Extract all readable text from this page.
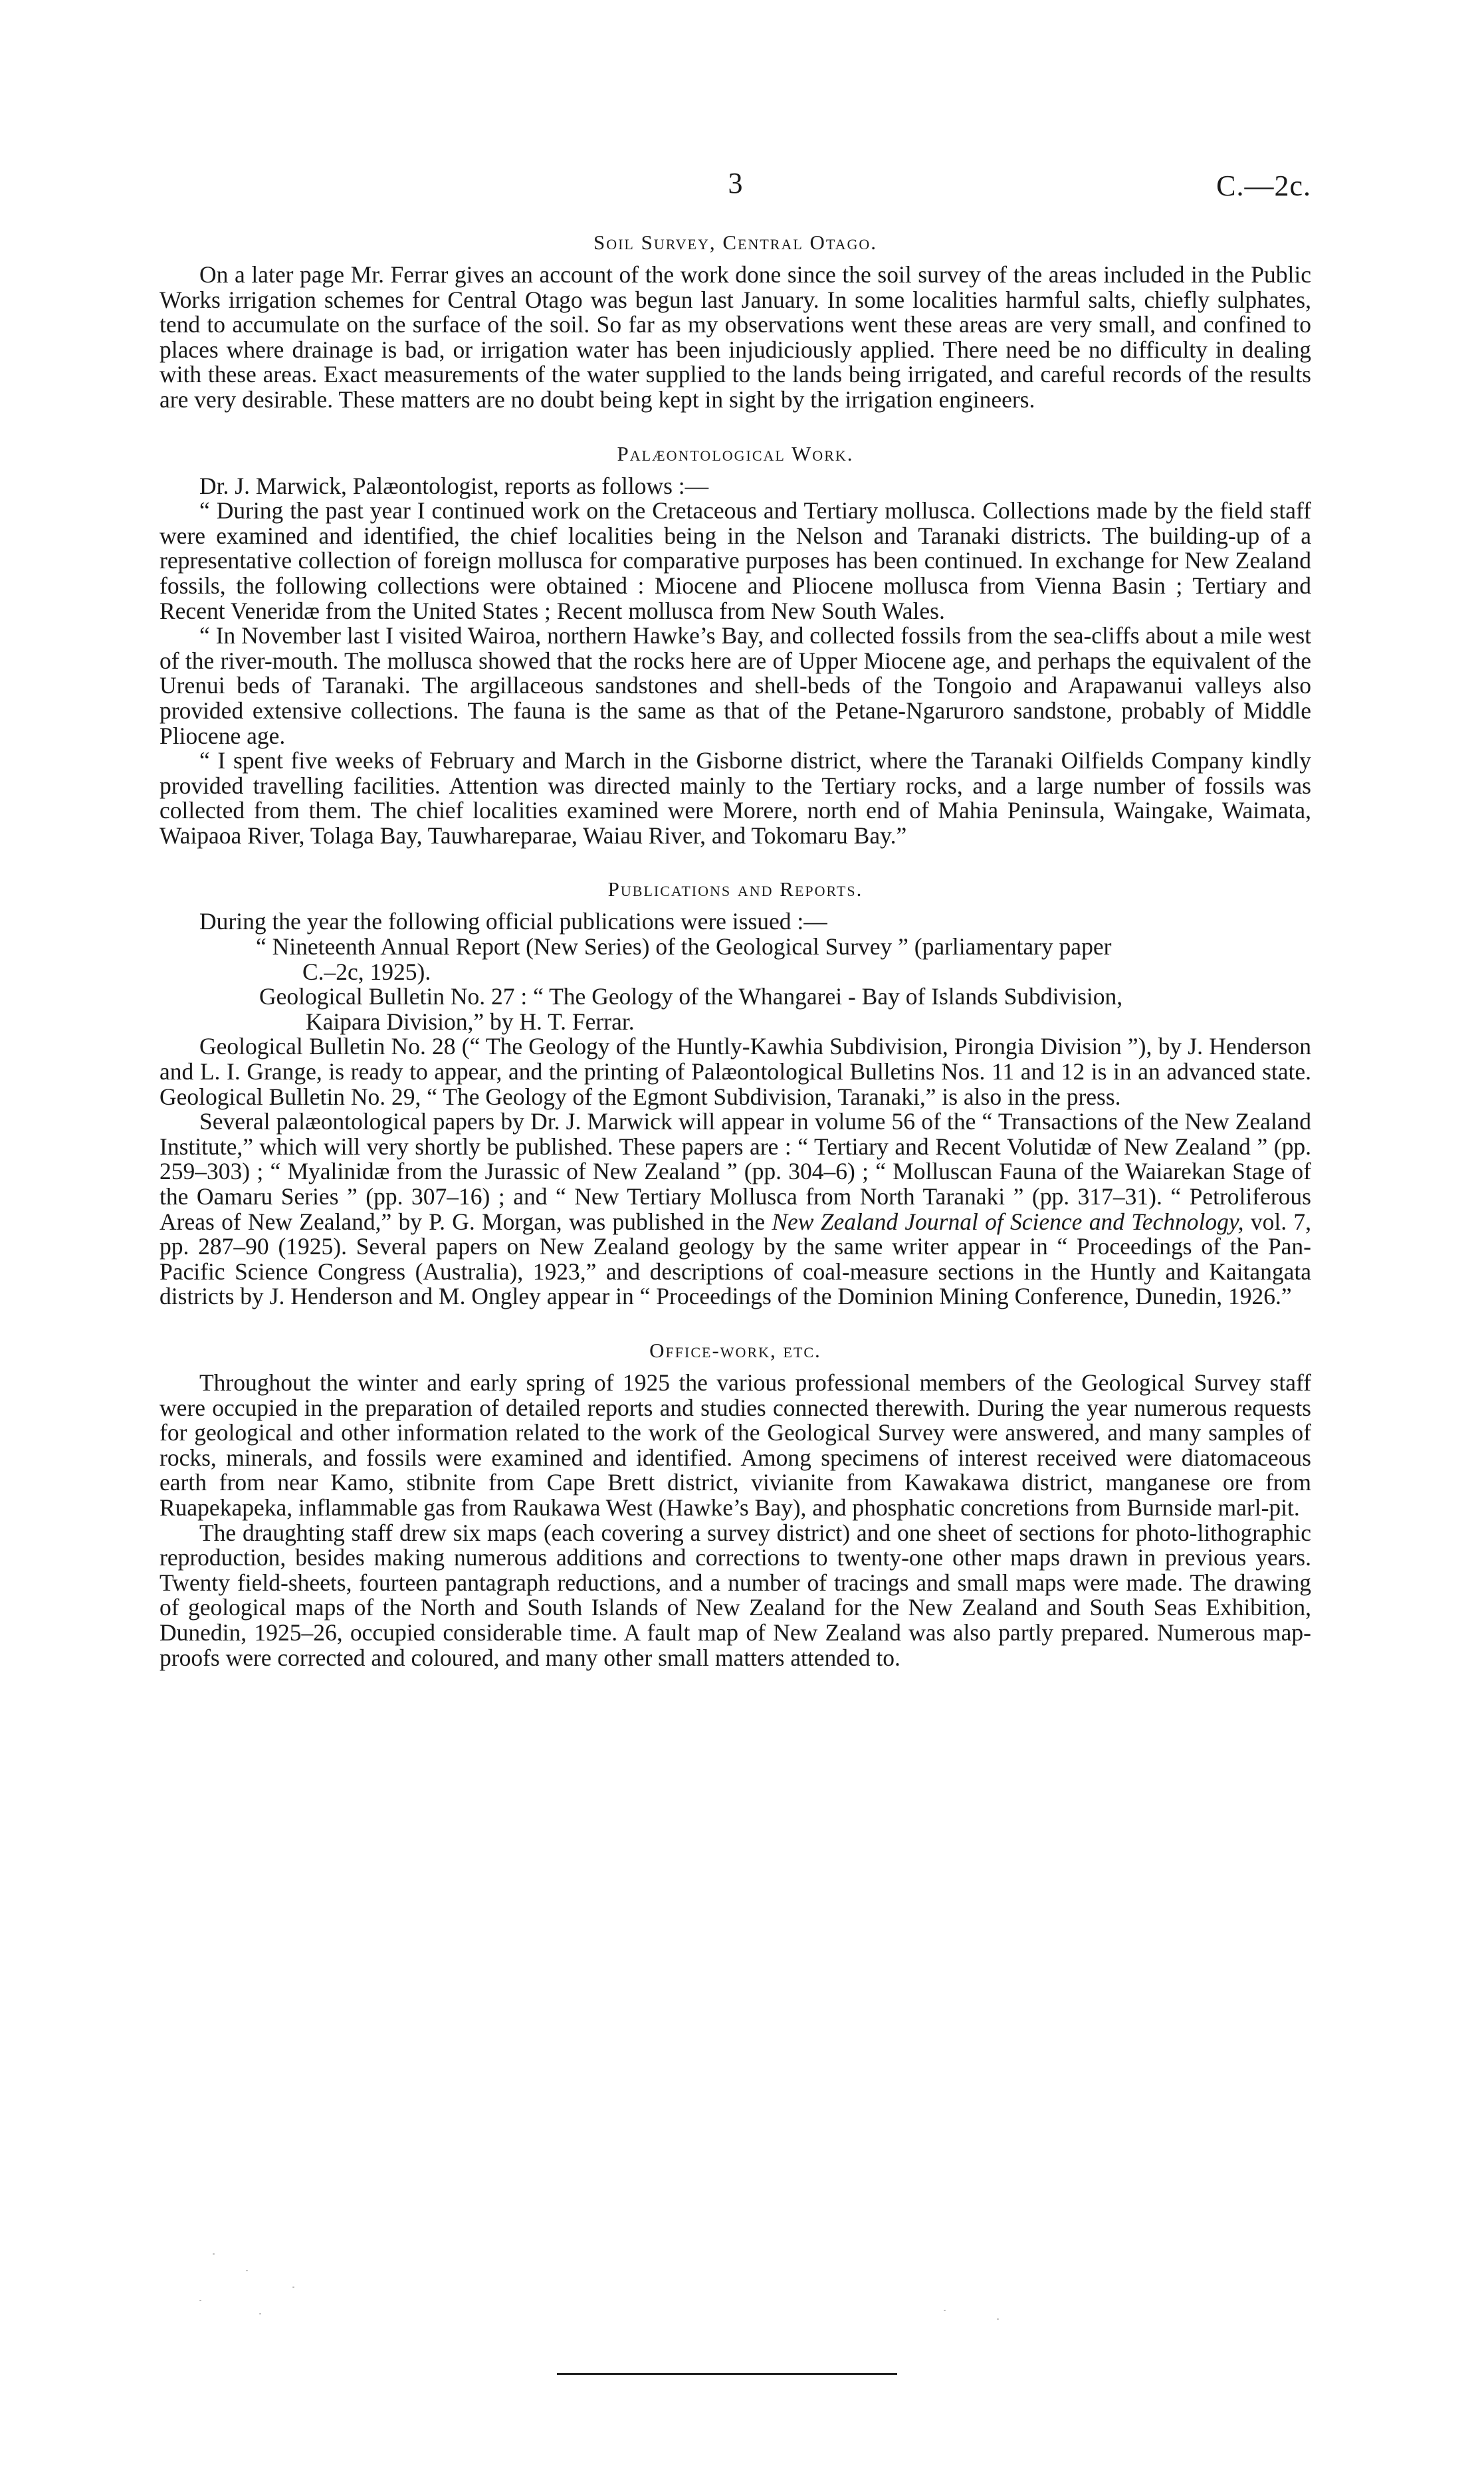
3	C.—2c.
Soil Survey, Central Otago.

On a later page Mr. Ferrar gives an account of the work done since the soil survey of the areas included in the Public Works irrigation schemes for Central Otago was begun last January. In some localities harmful salts, chiefly sulphates, tend to accumulate on the surface of the soil. So far as my observations went these areas are very small, and confined to places where drainage is bad, or irrigation water has been injudiciously applied. There need be no difficulty in dealing with these areas. Exact measurements of the water supplied to the lands being irrigated, and careful records of the results are very desirable. These matters are no doubt being kept in sight by the irrigation engineers.

Palæontological Work.

Dr. J. Marwick, Palæontologist, reports as follows :—

“ During the past year I continued work on the Cretaceous and Tertiary mollusca. Collections made by the field staff were examined and identified, the chief localities being in the Nelson and Taranaki districts. The building-up of a representative collection of foreign mollusca for comparative purposes has been continued. In exchange for New Zealand fossils, the following collections were obtained : Miocene and Pliocene mollusca from Vienna Basin ; Tertiary and Recent Veneridæ from the United States ; Recent mollusca from New South Wales.

“ In November last I visited Wairoa, northern Hawke’s Bay, and collected fossils from the sea-cliffs about a mile west of the river-mouth. The mollusca showed that the rocks here are of Upper Miocene age, and perhaps the equivalent of the Urenui beds of Taranaki. The argillaceous sandstones and shell-beds of the Tongoio and Arapawanui valleys also provided extensive collections. The fauna is the same as that of the Petane-Ngaruroro sandstone, probably of Middle Pliocene age.

“ I spent five weeks of February and March in the Gisborne district, where the Taranaki Oilfields Company kindly provided travelling facilities. Attention was directed mainly to the Tertiary rocks, and a large number of fossils was collected from them. The chief localities examined were Morere, north end of Mahia Peninsula, Waingake, Waimata, Waipaoa River, Tolaga Bay, Tauwhareparae, Waiau River, and Tokomaru Bay.”

Publications and Reports.

During the year the following official publications were issued :—

“ Nineteenth Annual Report (New Series) of the Geological Survey ” (parliamentary paper
C.–2c, 1925).

Geological Bulletin No. 27 : “ The Geology of the Whangarei - Bay of Islands Subdivision,
Kaipara Division,” by H. T. Ferrar.

Geological Bulletin No. 28 (“ The Geology of the Huntly-Kawhia Subdivision, Pirongia Division ”), by J. Henderson and L. I. Grange, is ready to appear, and the printing of Palæontological Bulletins Nos. 11 and 12 is in an advanced state. Geological Bulletin No. 29, “ The Geology of the Egmont Subdivision, Taranaki,” is also in the press.

Several palæontological papers by Dr. J. Marwick will appear in volume 56 of the “ Transactions of the New Zealand Institute,” which will very shortly be published. These papers are : “ Tertiary and Recent Volutidæ of New Zealand ” (pp. 259–303) ; “ Myalinidæ from the Jurassic of New Zealand ” (pp. 304–6) ; “ Molluscan Fauna of the Waiarekan Stage of the Oamaru Series ” (pp. 307–16) ; and “ New Tertiary Mollusca from North Taranaki ” (pp. 317–31). “ Petroliferous Areas of New Zealand,” by P. G. Morgan, was published in the New Zealand Journal of Science and Technology, vol. 7, pp. 287–90 (1925). Several papers on New Zealand geology by the same writer appear in “ Proceedings of the Pan-Pacific Science Congress (Australia), 1923,” and descriptions of coal-measure sections in the Huntly and Kaitangata districts by J. Henderson and M. Ongley appear in “ Proceedings of the Dominion Mining Conference, Dunedin, 1926.”

Office-work, etc.

Throughout the winter and early spring of 1925 the various professional members of the Geological Survey staff were occupied in the preparation of detailed reports and studies connected therewith. During the year numerous requests for geological and other information related to the work of the Geological Survey were answered, and many samples of rocks, minerals, and fossils were examined and identified. Among specimens of interest received were diatomaceous earth from near Kamo, stibnite from Cape Brett district, vivianite from Kawakawa district, manganese ore from Ruapekapeka, inflammable gas from Raukawa West (Hawke’s Bay), and phosphatic concretions from Burnside marl-pit.

The draughting staff drew six maps (each covering a survey district) and one sheet of sections for photo-lithographic reproduction, besides making numerous additions and corrections to twenty-one other maps drawn in previous years. Twenty field-sheets, fourteen pantagraph reductions, and a number of tracings and small maps were made. The drawing of geological maps of the North and South Islands of New Zealand for the New Zealand and South Seas Exhibition, Dunedin, 1925–26, occupied considerable time. A fault map of New Zealand was also partly prepared. Numerous map-proofs were corrected and coloured, and many other small matters attended to.
